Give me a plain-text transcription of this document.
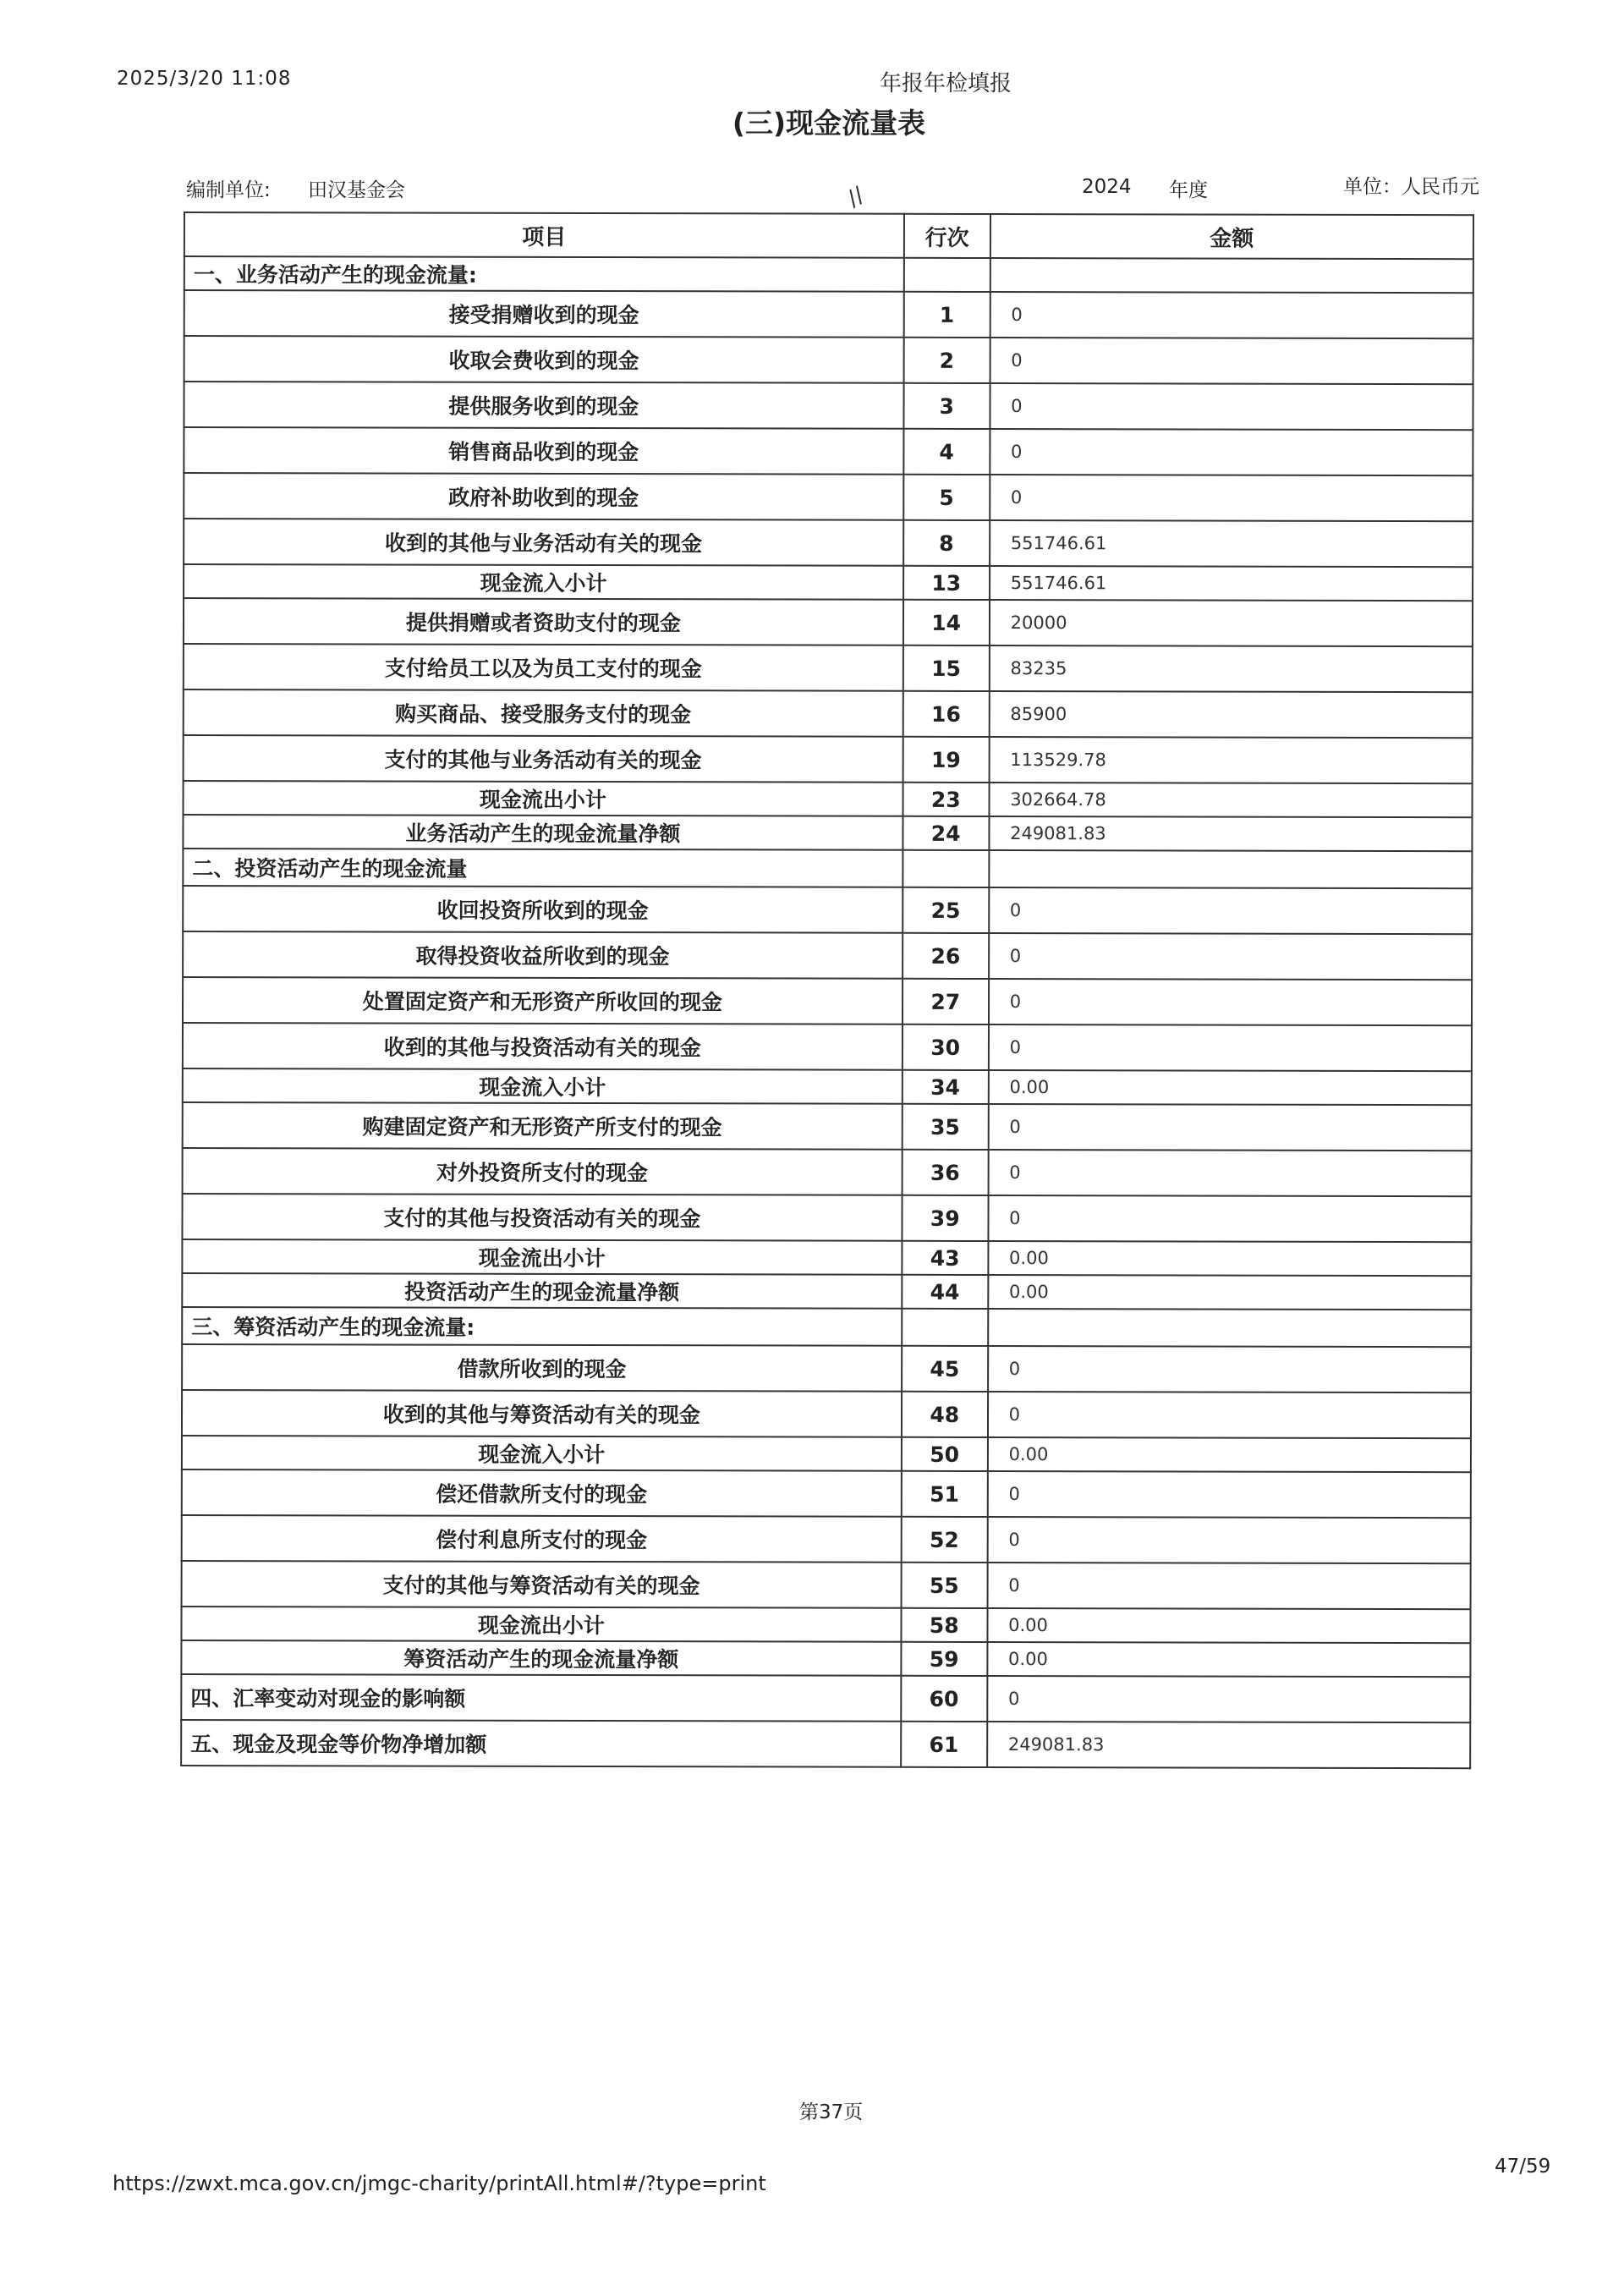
2025/3/20 11:08	年报年检填报
(三)现金流量表
编制单位: 田汉基金会	//	2024 年度	单位：人民币元
项目	行次	金额
一、业务活动产生的现金流量:		
接受捐赠收到的现金	1	0
收取会费收到的现金	2	0
提供服务收到的现金	3	0
销售商品收到的现金	4	0
政府补助收到的现金	5	0
收到的其他与业务活动有关的现金	8	551746.61
现金流入小计	13	551746.61
提供捐赠或者资助支付的现金	14	20000
支付给员工以及为员工支付的现金	15	83235
购买商品、接受服务支付的现金	16	85900
支付的其他与业务活动有关的现金	19	113529.78
现金流出小计	23	302664.78
业务活动产生的现金流量净额	24	249081.83
二、投资活动产生的现金流量		
收回投资所收到的现金	25	0
取得投资收益所收到的现金	26	0
处置固定资产和无形资产所收回的现金	27	0
收到的其他与投资活动有关的现金	30	0
现金流入小计	34	0.00
购建固定资产和无形资产所支付的现金	35	0
对外投资所支付的现金	36	0
支付的其他与投资活动有关的现金	39	0
现金流出小计	43	0.00
投资活动产生的现金流量净额	44	0.00
三、筹资活动产生的现金流量:		
借款所收到的现金	45	0
收到的其他与筹资活动有关的现金	48	0
现金流入小计	50	0.00
偿还借款所支付的现金	51	0
偿付利息所支付的现金	52	0
支付的其他与筹资活动有关的现金	55	0
现金流出小计	58	0.00
筹资活动产生的现金流量净额	59	0.00
四、汇率变动对现金的影响额	60	0
五、现金及现金等价物净增加额	61	249081.83
第37页
https://zwxt.mca.gov.cn/jmgc-charity/printAll.html#/?type=print
47/59
